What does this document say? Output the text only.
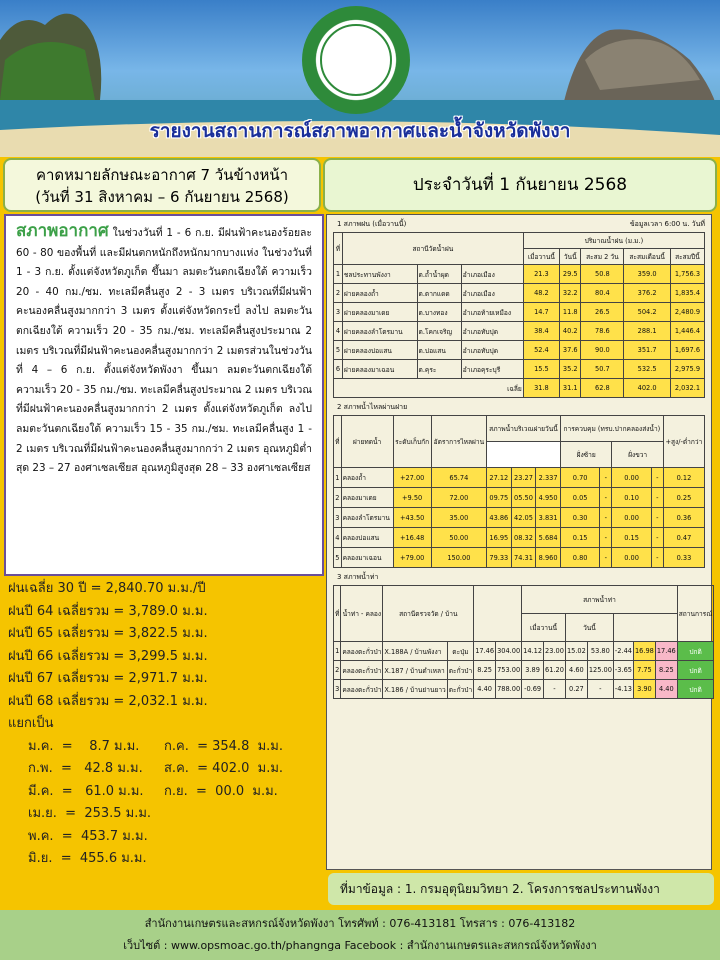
รายงานสถานการณ์สภาพอากาศและน้ำจังหวัดพังงา
คาดหมายลักษณะอากาศ 7 วันข้างหน้า
(วันที่ 31 สิงหาคม – 6 กันยายน 2568)
ประจำวันที่ 1 กันยายน 2568
สภาพอากาศ ในช่วงวันที่ 1 - 6 ก.ย. มีฝนฟ้าคะนองร้อยละ 60 - 80 ของพื้นที่ และมีฝนตกหนักถึงหนักมากบางแห่ง ในช่วงวันที่ 1 - 3 ก.ย. ตั้งแต่จังหวัดภูเก็ต ขึ้นมา ลมตะวันตกเฉียงใต้ ความเร็ว 20 - 40 กม./ชม. ทะเลมีคลื่นสูง 2 - 3 เมตร บริเวณที่มีฝนฟ้าคะนองคลื่นสูงมากกว่า 3 เมตร ตั้งแต่จังหวัดกระบี่ ลงไป ลมตะวันตกเฉียงใต้ ความเร็ว 20 - 35 กม./ชม. ทะเลมีคลื่นสูงประมาณ 2 เมตร บริเวณที่มีฝนฟ้าคะนองคลื่นสูงมากกว่า 2 เมตรส่วนในช่วงวันที่ 4 – 6 ก.ย. ตั้งแต่จังหวัดพังงา ขึ้นมา ลมตะวันตกเฉียงใต้ ความเร็ว 20 - 35 กม./ชม. ทะเลมีคลื่นสูงประมาณ 2 เมตร บริเวณที่มีฝนฟ้าคะนองคลื่นสูงมากกว่า 2 เมตร ตั้งแต่จังหวัดภูเก็ต ลงไป ลมตะวันตกเฉียงใต้ ความเร็ว 15 - 35 กม./ชม. ทะเลมีคลื่นสูง 1 - 2 เมตร บริเวณที่มีฝนฟ้าคะนองคลื่นสูงมากกว่า 2 เมตร อุณหภูมิต่ำสุด 23 – 27 องศาเซลเซียส อุณหภูมิสูงสุด 28 – 33 องศาเซลเซียส
ฝนเฉลี่ย 30 ปี = 2,840.70 ม.ม./ปี
ฝนปี 64 เฉลี่ยรวม = 3,789.0 ม.ม.
ฝนปี 65 เฉลี่ยรวม = 3,822.5 ม.ม.
ฝนปี 66 เฉลี่ยรวม = 3,299.5 ม.ม.
ฝนปี 67 เฉลี่ยรวม = 2,971.7 ม.ม.
ฝนปี 68 เฉลี่ยรวม = 2,032.1 ม.ม.
แยกเป็น
ม.ค.  =    8.7 ม.ม.	ก.ค.  = 354.8  ม.ม.
ก.พ.  =   42.8 ม.ม.	ส.ค.  = 402.0  ม.ม.
มี.ค.  =   61.0 ม.ม.	ก.ย.  =  00.0  ม.ม.
เม.ย.  =  253.5 ม.ม.
พ.ค.  =  453.7 ม.ม.
มิ.ย.  =  455.6 ม.ม.
1 สภาพฝน (เมื่อวานนี้)	ข้อมูลเวลา 6:00 น. วันที่
ที่	สถานีวัดน้ำฝน			ปริมาณน้ำฝน (ม.ม.)				
				เมื่อวานนี้	วันนี้	สะสม 2 วัน	สะสมเดือนนี้	สะสมปีนี้
1	ชลประทานพังงา	ต.ถ้ำน้ำผุด	อำเภอเมือง	21.3	29.5	50.8	359.0	1,756.3
2	ฝายคลองถ้ำ	ต.ตากแดด	อำเภอเมือง	48.2	32.2	80.4	376.2	1,835.4
3	ฝายคลองมาเดย	ต.บางทอง	อำเภอท้ายเหมือง	14.7	11.8	26.5	504.2	2,480.9
4	ฝายคลองลำโตรมาน	ต.โคกเจริญ	อำเภอทับปุด	38.4	40.2	78.6	288.1	1,446.4
5	ฝายคลองบ่อแสน	ต.บ่อแสน	อำเภอทับปุด	52.4	37.6	90.0	351.7	1,697.6
6	ฝายคลองมาเฉอน	ต.คุระ	อำเภอคุระบุรี	15.5	35.2	50.7	532.5	2,975.9
เฉลี่ย				31.8	31.1	62.8	402.0	2,032.1
2 สภาพน้ำไหลผ่านฝาย
ที่	ฝายทดน้ำ	ระดับเก็บกัก	อัตราการไหลผ่าน	สภาพน้ำบริเวณฝายวันนี้			การควบคุม (ทรบ.ปากคลองส่งน้ำ)				+สูง/-ต่ำกว่า
							ฝั่งซ้าย		ฝั่งขวา		
1	คลองถ้ำ	+27.00	65.74	27.12	23.27	2.337	0.70	-	0.00	-	0.12
2	คลองมาเดย	+9.50	72.00	09.75	05.50	4.950	0.05	-	0.10	-	0.25
3	คลองลำโตรมาน	+43.50	35.00	43.86	42.05	3.831	0.30	-	0.00	-	0.36
4	คลองบ่อแสน	+16.48	50.00	16.95	08.32	5.684	0.15	-	0.15	-	0.47
5	คลองมาเฉอน	+79.00	150.00	79.33	74.31	8.960	0.80	-	0.00	-	0.33
3 สภาพน้ำท่า
ที่	น้ำท่า - คลอง	สถานีตรวจวัด / บ้าน				สภาพน้ำท่า							สถานการณ์
						เมื่อวานนี้		วันนี้					
1	คลองตะกั่วป่า	X.188A / บ้านพังงา	ตะปุ่ม	17.46	304.00	14.12	23.00	15.02	53.80	-2.44	16.98	17.46	ปกติ
2	คลองตะกั่วป่า	X.187 / บ้านตำเหลา	ตะกั่วป่า	8.25	753.00	3.89	61.20	4.60	125.00	-3.65	7.75	8.25	ปกติ
3	คลองตะกั่วป่า	X.186 / บ้านย่านยาว	ตะกั่วป่า	4.40	788.00	-0.69	-	0.27	-	-4.13	3.90	4.40	ปกติ
ที่มาข้อมูล : 1. กรมอุตุนิยมวิทยา 2. โครงการชลประทานพังงา
สำนักงานเกษตรและสหกรณ์จังหวัดพังงา โทรศัพท์ : 076-413181 โทรสาร : 076-413182
เว็บไซต์ : www.opsmoac.go.th/phangnga Facebook : สำนักงานเกษตรและสหกรณ์จังหวัดพังงา
